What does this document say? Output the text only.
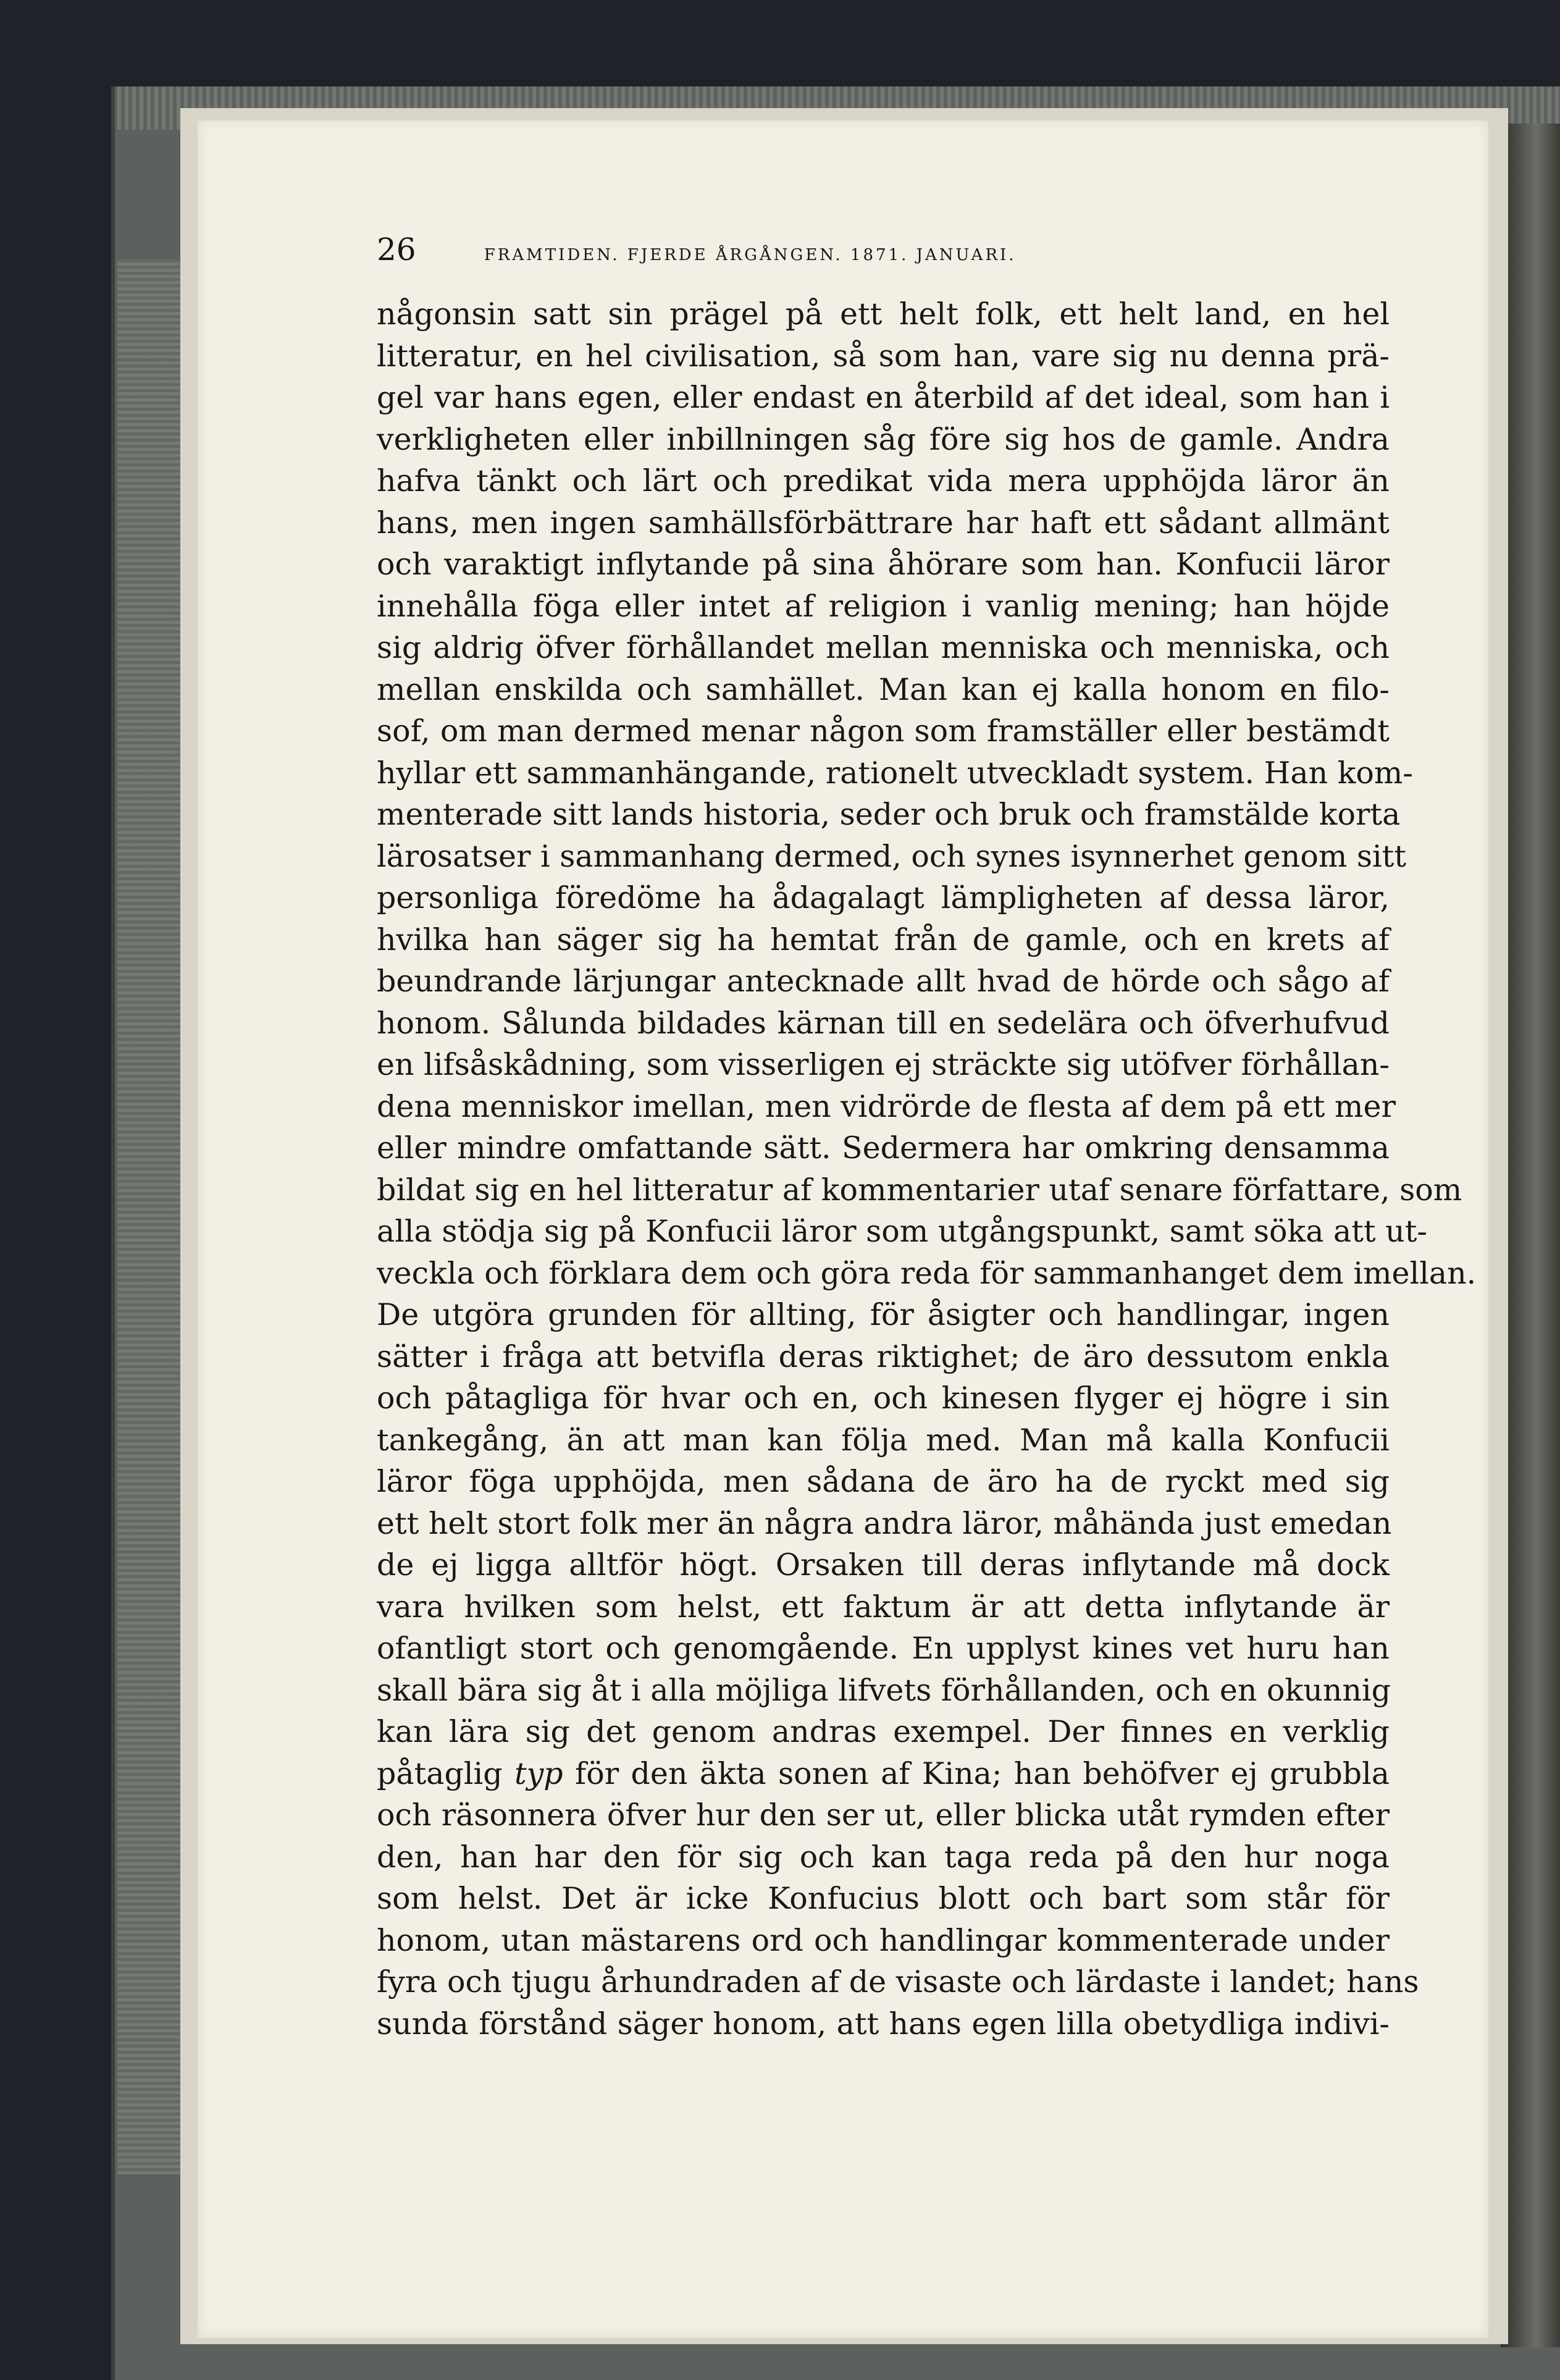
26	FRAMTIDEN. FJERDE ÅRGÅNGEN. 1871. JANUARI.
någonsin satt sin prägel på ett helt folk, ett helt land, en hel
litteratur, en hel civilisation, så som han, vare sig nu denna prä-
gel var hans egen, eller endast en återbild af det ideal, som han i
verkligheten eller inbillningen såg före sig hos de gamle. Andra
hafva tänkt och lärt och predikat vida mera upphöjda läror än
hans, men ingen samhällsförbättrare har haft ett sådant allmänt
och varaktigt inflytande på sina åhörare som han. Konfucii läror
innehålla föga eller intet af religion i vanlig mening; han höjde
sig aldrig öfver förhållandet mellan menniska och menniska, och
mellan enskilda och samhället. Man kan ej kalla honom en filo-
sof, om man dermed menar någon som framställer eller bestämdt
hyllar ett sammanhängande, rationelt utveckladt system. Han kom-
menterade sitt lands historia, seder och bruk och framstälde korta
lärosatser i sammanhang dermed, och synes isynnerhet genom sitt
personliga föredöme ha ådagalagt lämpligheten af dessa läror,
hvilka han säger sig ha hemtat från de gamle, och en krets af
beundrande lärjungar antecknade allt hvad de hörde och sågo af
honom. Sålunda bildades kärnan till en sedelära och öfverhufvud
en lifsåskådning, som visserligen ej sträckte sig utöfver förhållan-
dena menniskor imellan, men vidrörde de flesta af dem på ett mer
eller mindre omfattande sätt. Sedermera har omkring densamma
bildat sig en hel litteratur af kommentarier utaf senare författare, som
alla stödja sig på Konfucii läror som utgångspunkt, samt söka att ut-
veckla och förklara dem och göra reda för sammanhanget dem imellan.
De utgöra grunden för allting, för åsigter och handlingar, ingen
sätter i fråga att betvifla deras riktighet; de äro dessutom enkla
och påtagliga för hvar och en, och kinesen flyger ej högre i sin
tankegång, än att man kan följa med. Man må kalla Konfucii
läror föga upphöjda, men sådana de äro ha de ryckt med sig
ett helt stort folk mer än några andra läror, måhända just emedan
de ej ligga alltför högt. Orsaken till deras inflytande må dock
vara hvilken som helst, ett faktum är att detta inflytande är
ofantligt stort och genomgående. En upplyst kines vet huru han
skall bära sig åt i alla möjliga lifvets förhållanden, och en okunnig
kan lära sig det genom andras exempel. Der finnes en verklig
påtaglig typ för den äkta sonen af Kina; han behöfver ej grubbla
och räsonnera öfver hur den ser ut, eller blicka utåt rymden efter
den, han har den för sig och kan taga reda på den hur noga
som helst. Det är icke Konfucius blott och bart som står för
honom, utan mästarens ord och handlingar kommenterade under
fyra och tjugu århundraden af de visaste och lärdaste i landet; hans
sunda förstånd säger honom, att hans egen lilla obetydliga indivi-
